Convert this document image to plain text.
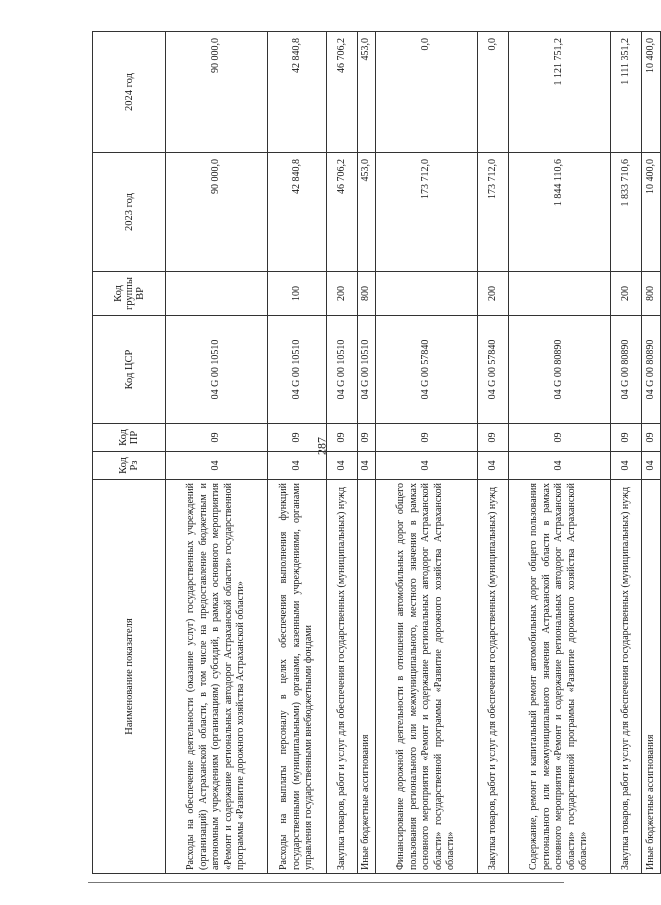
287
Наименование показателя	Код Рз	Код ПР	Код ЦСР	Код группы ВР	2023 год	2024 год
Расходы на обеспечение деятельности (оказание услуг) государственных учреждений (организаций) Астраханской области, в том числе на предоставление бюджетным и автономным учреждениям (организациям) субсидий, в рамках основного мероприятия «Ремонт и содержание региональных автодорог Астраханской области» государственной программы «Развитие дорожного хозяйства Астраханской области»	04	09	04 G 00 10510		90 000,0	90 000,0
Расходы на выплаты персоналу в целях обеспечения выполнения функций государственными (муниципальными) органами, казенными учреждениями, органами управления государственными внебюджетными фондами	04	09	04 G 00 10510	100	42 840,8	42 840,8
Закупка товаров, работ и услуг для обеспечения государственных (муниципальных) нужд	04	09	04 G 00 10510	200	46 706,2	46 706,2
Иные бюджетные ассигнования	04	09	04 G 00 10510	800	453,0	453,0
Финансирование дорожной деятельности в отношении автомобильных дорог общего пользования регионального или межмуниципального, местного значения в рамках основного мероприятия «Ремонт и содержание региональных автодорог Астраханской области» государственной программы «Развитие дорожного хозяйства Астраханской области»	04	09	04 G 00 57840		173 712,0	0,0
Закупка товаров, работ и услуг для обеспечения государственных (муниципальных) нужд	04	09	04 G 00 57840	200	173 712,0	0,0
Содержание, ремонт и капитальный ремонт автомобильных дорог общего пользования регионального или межмуниципального значения Астраханской области в рамках основного мероприятия «Ремонт и содержание региональных автодорог Астраханской области» государственной программы «Развитие дорожного хозяйства Астраханской области»	04	09	04 G 00 80890		1 844 110,6	1 121 751,2
Закупка товаров, работ и услуг для обеспечения государственных (муниципальных) нужд	04	09	04 G 00 80890	200	1 833 710,6	1 111 351,2
Иные бюджетные ассигнования	04	09	04 G 00 80890	800	10 400,0	10 400,0
